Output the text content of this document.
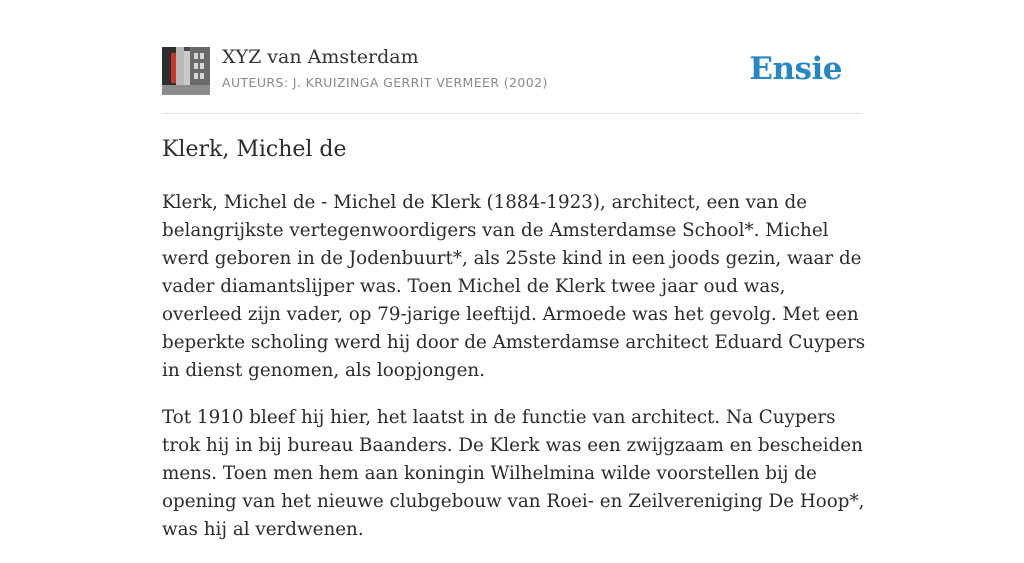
XYZ van Amsterdam
AUTEURS: J. KRUIZINGA GERRIT VERMEER (2002)	Ensie
Klerk, Michel de

Klerk, Michel de - Michel de Klerk (1884-1923), architect, een van de belangrijkste vertegenwoordigers van de Amsterdamse School*. Michel werd geboren in de Jodenbuurt*, als 25ste kind in een joods gezin, waar de vader diamantslijper was. Toen Michel de Klerk twee jaar oud was, overleed zijn vader, op 79-jarige leeftijd. Armoede was het gevolg. Met een beperkte scholing werd hij door de Amsterdamse architect Eduard Cuypers in dienst genomen, als loopjongen.

Tot 1910 bleef hij hier, het laatst in de functie van architect. Na Cuypers trok hij in bij bureau Baanders. De Klerk was een zwijgzaam en bescheiden mens. Toen men hem aan koningin Wilhelmina wilde voorstellen bij de opening van het nieuwe clubgebouw van Roei- en Zeilvereniging De Hoop*, was hij al verdwenen.
